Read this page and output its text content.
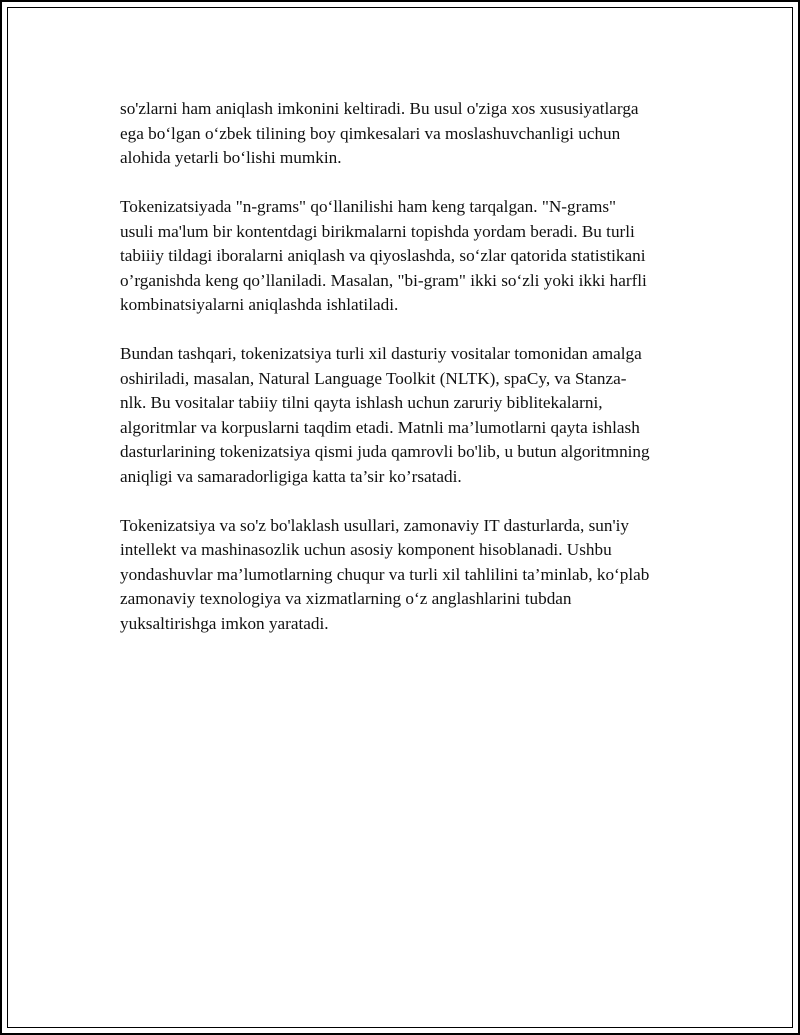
so'zlarni ham aniqlash imkonini keltiradi. Bu usul o'ziga xos xususiyatlarga
ega bo‘lgan o‘zbek tilining boy qimkesalari va moslashuvchanligi uchun
alohida yetarli bo‘lishi mumkin.

Tokenizatsiyada "n-grams" qo‘llanilishi ham keng tarqalgan. "N-grams"
usuli ma'lum bir kontentdagi birikmalarni topishda yordam beradi. Bu turli
tabiiiy tildagi iboralarni aniqlash va qiyoslashda, so‘zlar qatorida statistikani
o’rganishda keng qo’llaniladi. Masalan, "bi-gram" ikki so‘zli yoki ikki harfli
kombinatsiyalarni aniqlashda ishlatiladi.

Bundan tashqari, tokenizatsiya turli xil dasturiy vositalar tomonidan amalga
oshiriladi, masalan, Natural Language Toolkit (NLTK), spaCy, va Stanza-
nlk. Bu vositalar tabiiy tilni qayta ishlash uchun zaruriy biblitekalarni,
algoritmlar va korpuslarni taqdim etadi. Matnli ma’lumotlarni qayta ishlash
dasturlarining tokenizatsiya qismi juda qamrovli bo'lib, u butun algoritmning
aniqligi va samaradorligiga katta ta’sir ko’rsatadi.

Tokenizatsiya va so'z bo'laklash usullari, zamonaviy IT dasturlarda, sun'iy
intellekt va mashinasozlik uchun asosiy komponent hisoblanadi. Ushbu
yondashuvlar ma’lumotlarning chuqur va turli xil tahlilini ta’minlab, ko‘plab
zamonaviy texnologiya va xizmatlarning o‘z anglashlarini tubdan
yuksaltirishga imkon yaratadi.
